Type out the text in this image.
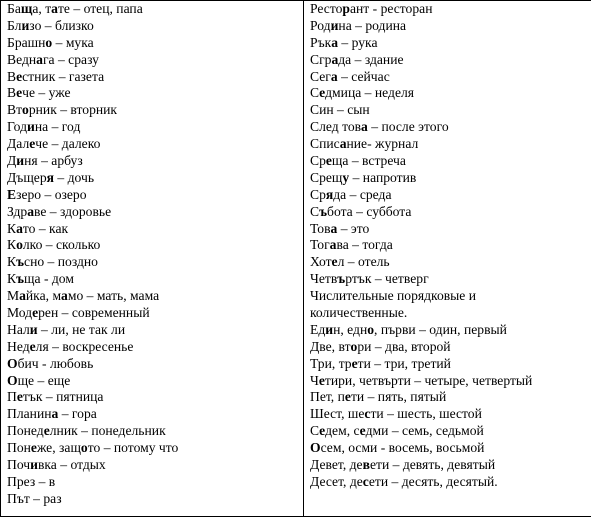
Баща, тате – отец, папа
Близо – близко
Брашно – мука
Веднага – сразу
Вестник – газета
Вече – уже
Вторник – вторник
Година – год
Далече – далеко
Диня – арбуз
Дъщеря – дочь
Езеро – озеро
Здраве – здоровье
Като – как
Колко – сколько
Късно – поздно
Къща - дом
Майка, мамо – мать, мама
Модерен – современный
Нали – ли, не так ли
Неделя – воскресенье
Обич - любовь
Още – еще
Петък – пятница
Планина – гора
Понеделник – понедельник
Понеже, защото – потому что
Почивка – отдых
През – в
Път – раз

Ресторант - ресторан
Родина – родина
Ръка – рука
Сграда – здание
Сега – сейчас
Седмица – неделя
Син – сын
След това – после этого
Списание- журнал
Среща – встреча
Срещу – напротив
Сряда – среда
Събота – суббота
Това – это
Тогава – тогда
Хотел – отель
Четвъртък – четверг
Числительные порядковые и
количественные.
Един, едно, първи – один, первый
Две, втори – два, второй
Три, трети – три, третий
Четири, четвърти – четыре, четвертый
Пет, пети – пять, пятый
Шест, шести – шесть, шестой
Седем, седми – семь, седьмой
Осем, осми - восемь, восьмой
Девет, девети – девять, девятый
Десет, десети – десять, десятый.
